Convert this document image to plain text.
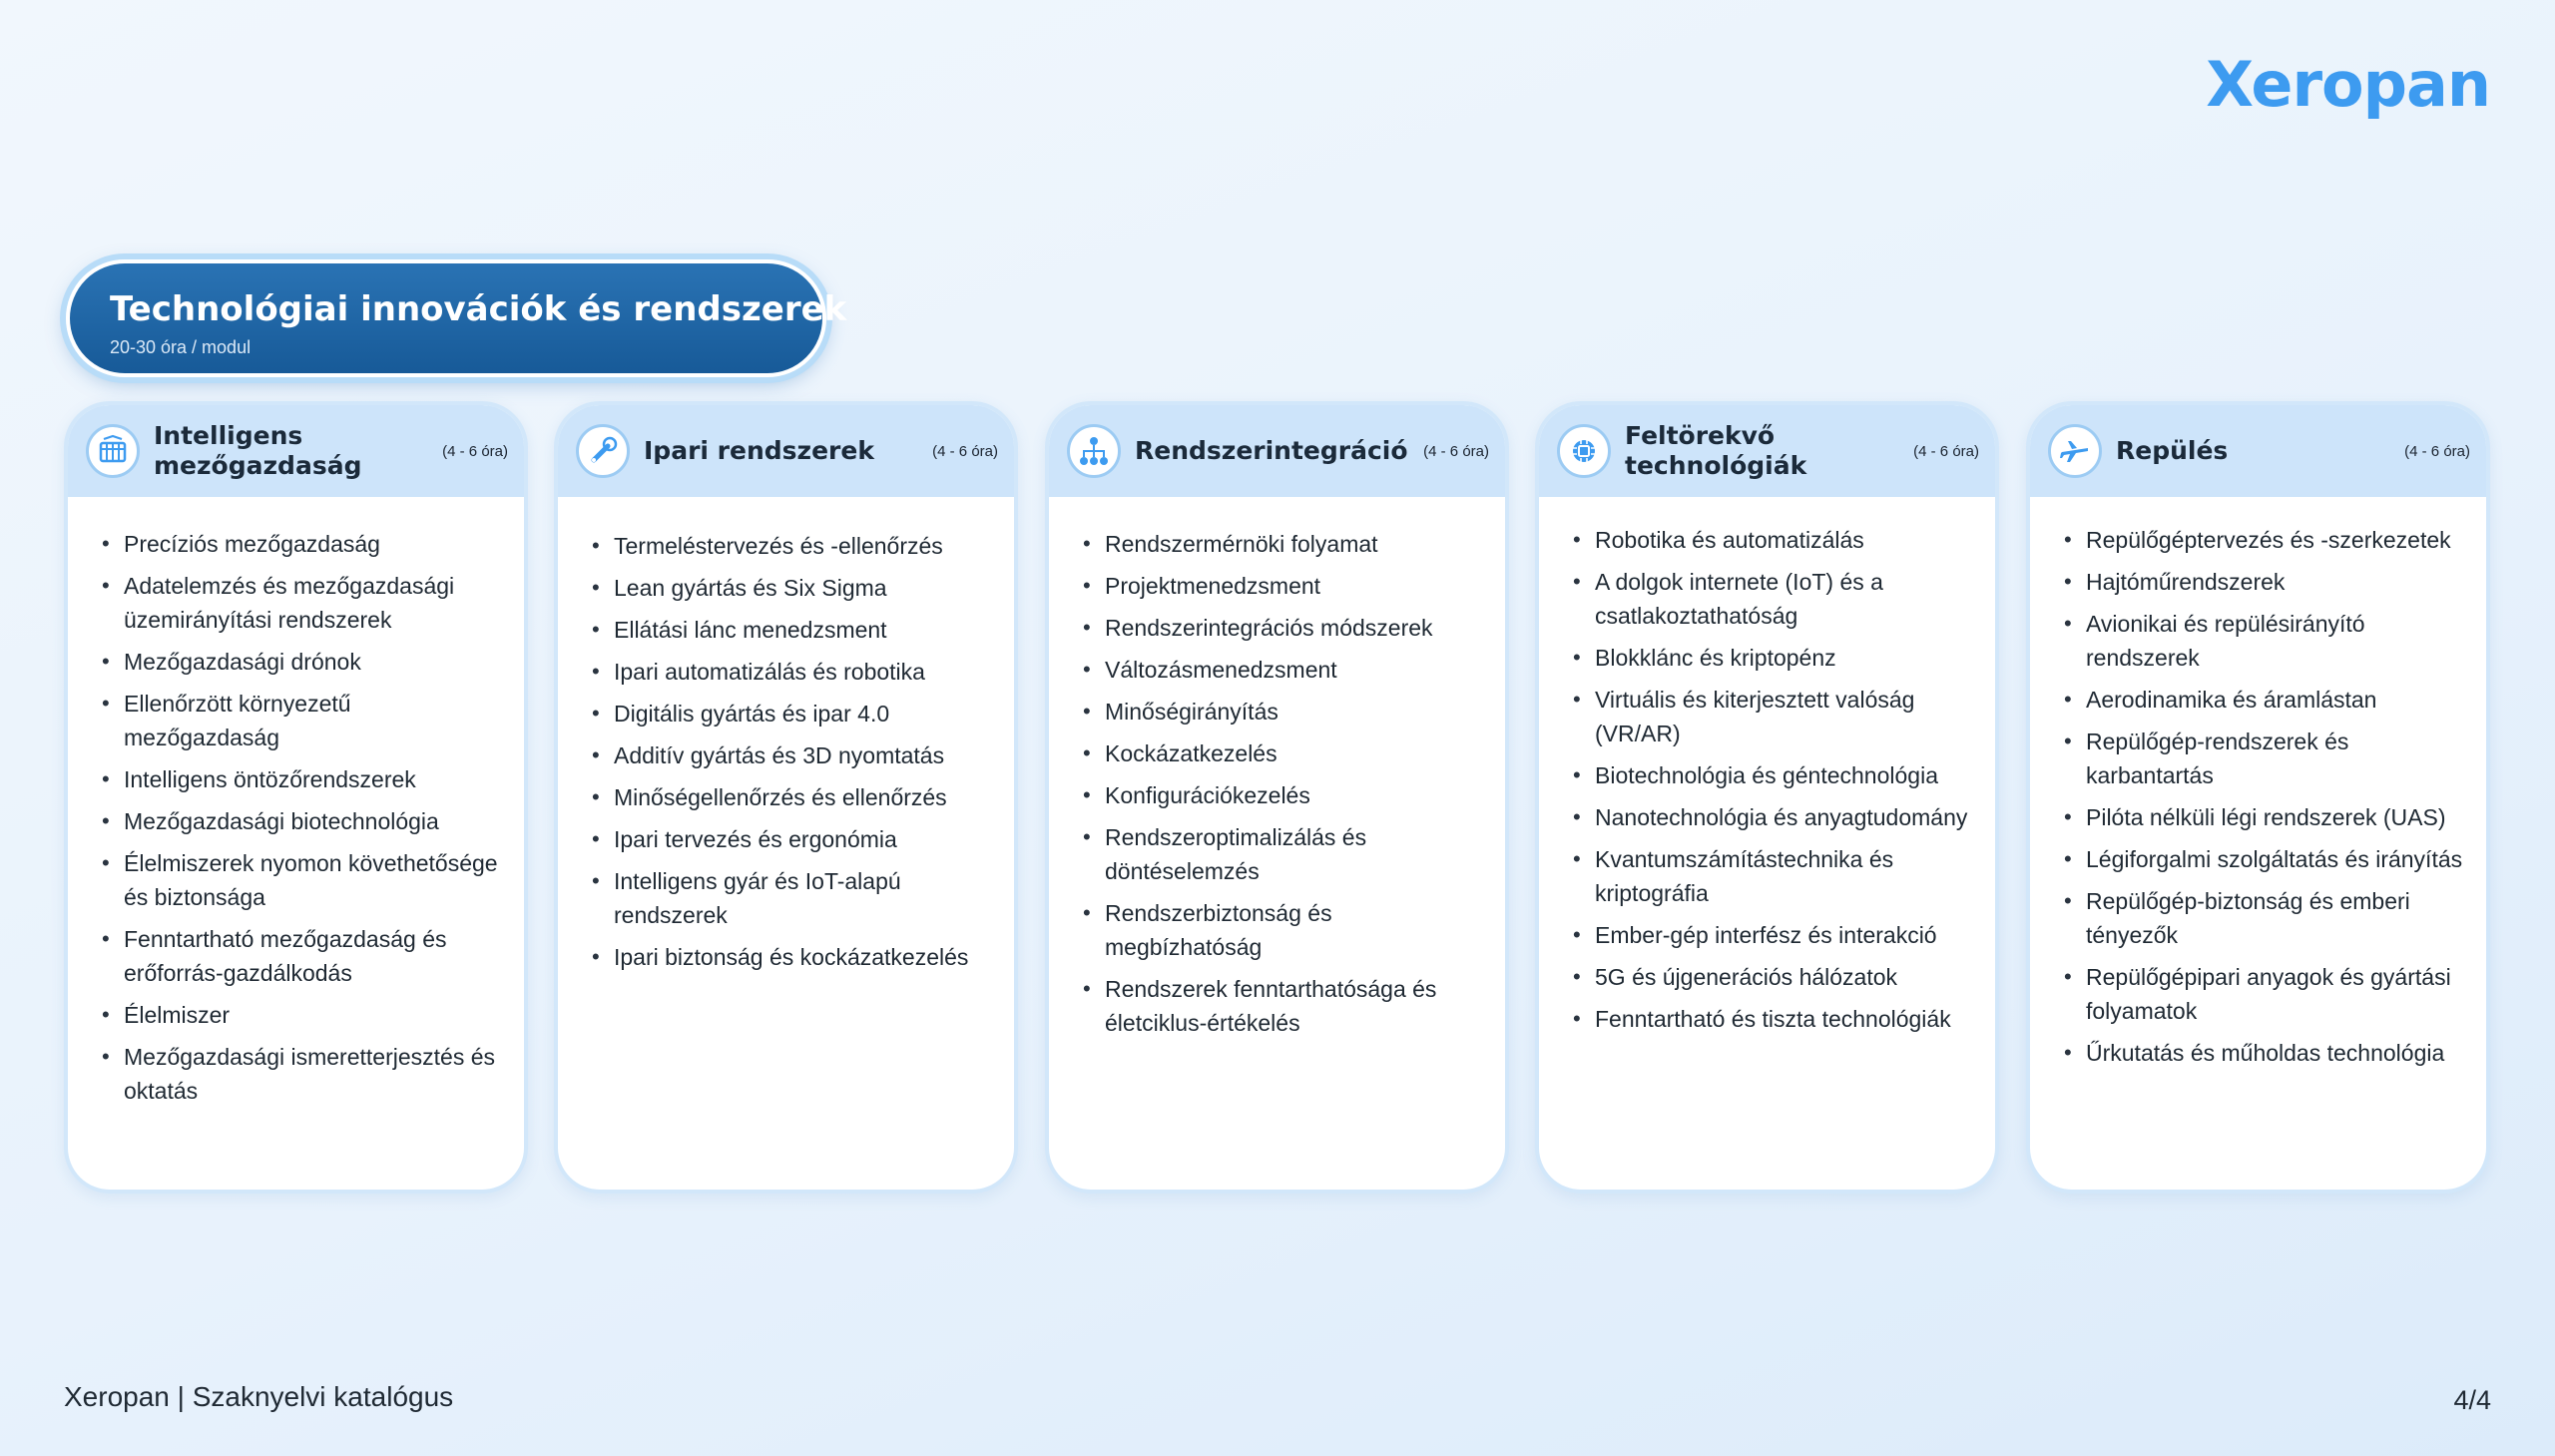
Xeropan
Technológiai innovációk és rendszerek
20-30 óra / modul
Intelligens mezőgazdaság	(4 - 6 óra)
• Precíziós mezőgazdaság
• Adatelemzés és mezőgazdasági üzemirányítási rendszerek
• Mezőgazdasági drónok
• Ellenőrzött környezetű mezőgazdaság
• Intelligens öntözőrendszerek
• Mezőgazdasági biotechnológia
• Élelmiszerek nyomon követhetősége és biztonsága
• Fenntartható mezőgazdaság és erőforrás-gazdálkodás
• Élelmiszer
• Mezőgazdasági ismeretterjesztés és oktatás
Ipari rendszerek	(4 - 6 óra)
• Termeléstervezés és -ellenőrzés
• Lean gyártás és Six Sigma
• Ellátási lánc menedzsment
• Ipari automatizálás és robotika
• Digitális gyártás és ipar 4.0
• Additív gyártás és 3D nyomtatás
• Minőségellenőrzés és ellenőrzés
• Ipari tervezés és ergonómia
• Intelligens gyár és IoT-alapú rendszerek
• Ipari biztonság és kockázatkezelés
Rendszerintegráció	(4 - 6 óra)
• Rendszermérnöki folyamat
• Projektmenedzsment
• Rendszerintegrációs módszerek
• Változásmenedzsment
• Minőségirányítás
• Kockázatkezelés
• Konfigurációkezelés
• Rendszeroptimalizálás és döntéselemzés
• Rendszerbiztonság és megbízhatóság
• Rendszerek fenntarthatósága és életciklus-értékelés
Feltörekvő technológiák	(4 - 6 óra)
• Robotika és automatizálás
• A dolgok internete (IoT) és a csatlakoztathatóság
• Blokklánc és kriptopénz
• Virtuális és kiterjesztett valóság (VR/AR)
• Biotechnológia és géntechnológia
• Nanotechnológia és anyagtudomány
• Kvantumszámítástechnika és kriptográfia
• Ember-gép interfész és interakció
• 5G és újgenerációs hálózatok
• Fenntartható és tiszta technológiák
Repülés	(4 - 6 óra)
• Repülőgéptervezés és -szerkezetek
• Hajtóműrendszerek
• Avionikai és repülésirányító rendszerek
• Aerodinamika és áramlástan
• Repülőgép-rendszerek és karbantartás
• Pilóta nélküli légi rendszerek (UAS)
• Légiforgalmi szolgáltatás és irányítás
• Repülőgép-biztonság és emberi tényezők
• Repülőgépipari anyagok és gyártási folyamatok
• Űrkutatás és műholdas technológia
Xeropan | Szaknyelvi katalógus	4/4
